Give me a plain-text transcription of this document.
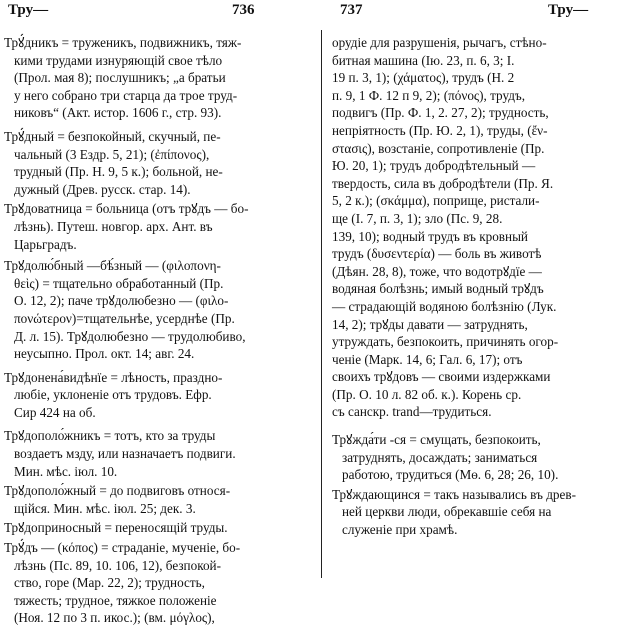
Тру—	736	737	Тру—
Трꙋ́дникъ = труженикъ, подвижникъ, тяж-
кими трудами изнуряющій свое тѣло
(Прол. мая 8); послушникъ; „а братьи
у него собрано три старца да трое труд-
никовъ“ (Акт. истор. 1606 г., стр. 93).
Трꙋ́дный = безпокойный, скучный, пе-
чальный (3 Ездр. 5, 21); (ἐπίπονος),
трудный (Пр. Н. 9, 5 к.); больной, не-
дужный (Древ. русск. стар. 14).
Трꙋдоватница = больница (отъ трꙋдъ — бо-
лѣзнь). Путеш. новгор. арх. Ант. въ
Царьградъ.
Трꙋдолю́бный —бѣ́зный — (φιλοπονη-
θεὶς) = тщательно обработанный (Пр.
О. 12, 2); паче трꙋдолюбезно — (φιλο-
πονώτερον)=тщательнѣе, усерднѣе (Пр.
Д. л. 15). Трꙋдолюбезно — трудолюбиво,
неусыпно. Прол. окт. 14; авг. 24.
Трꙋдонена́видѣнїе = лѣность, праздно-
любіе, уклоненіе отъ трудовъ. Ефр.
Сир 424 на об.
Трꙋдополо́жникъ = тотъ, кто за труды
воздаетъ мзду, или назначаетъ подвиги.
Мин. мѣс. іюл. 10.
Трꙋдополо́жный = до подвиговъ относя-
щійся. Мин. мѣс. іюл. 25; дек. 3.
Трꙋдоприносный = переносящій труды.
Трꙋ́дъ — (κόπος) = страданіе, мученіе, бо-
лѣзнь (Пс. 89, 10. 106, 12), безпокой-
ство, горе (Мар. 22, 2); трудность,
тяжесть; трудное, тяжкое положеніе
(Ноя. 12 по 3 п. икос.); (вм. μόγλος),
орудіе для разрушенія, рычагъ, стѣно-
битная машина (Ію. 23, п. 6, 3; І.
19 п. 3, 1); (χάματος), трудъ (Н. 2
п. 9, 1 Ф. 12 п 9, 2); (πόνος), трудъ,
подвигъ (Пр. Ф. 1, 2. 27, 2); трудность,
непріятность (Пр. Ю. 2, 1), труды, (ἔν-
στασις), возстаніе, сопротивленіе (Пр.
Ю. 20, 1); трудъ добродѣтельный —
твердость, сила въ добродѣтели (Пр. Я.
5, 2 к.); (σκάμμα), поприще, ристали-
ще (І. 7, п. 3, 1); зло (Пс. 9, 28.
139, 10); водный трудъ въ кровный
трудъ (δυσεντερία) — боль въ животѣ
(Дѣян. 28, 8), тоже, что водотрꙋдїе —
водяная болѣзнь; имый водный трꙋдъ
— страдающій водяною болѣзнію (Лук.
14, 2); трꙋды давати — затруднять,
утруждать, безпокоить, причинять огор-
ченіе (Марк. 14, 6; Гал. 6, 17); отъ
своихъ трꙋдовъ — своими издержками
(Пр. О. 10 л. 82 об. к.). Корень ср.
съ санскр. trand—трудиться.
Трꙋжда́ти -ся = смущать, безпокоить,
затруднять, досаждать; заниматься
работою, трудиться (Мѳ. 6, 28; 26, 10).
Трꙋждающинся = такъ назывались въ древ-
ней церкви люди, обрекавшіе себя на
служеніе при храмѣ.
